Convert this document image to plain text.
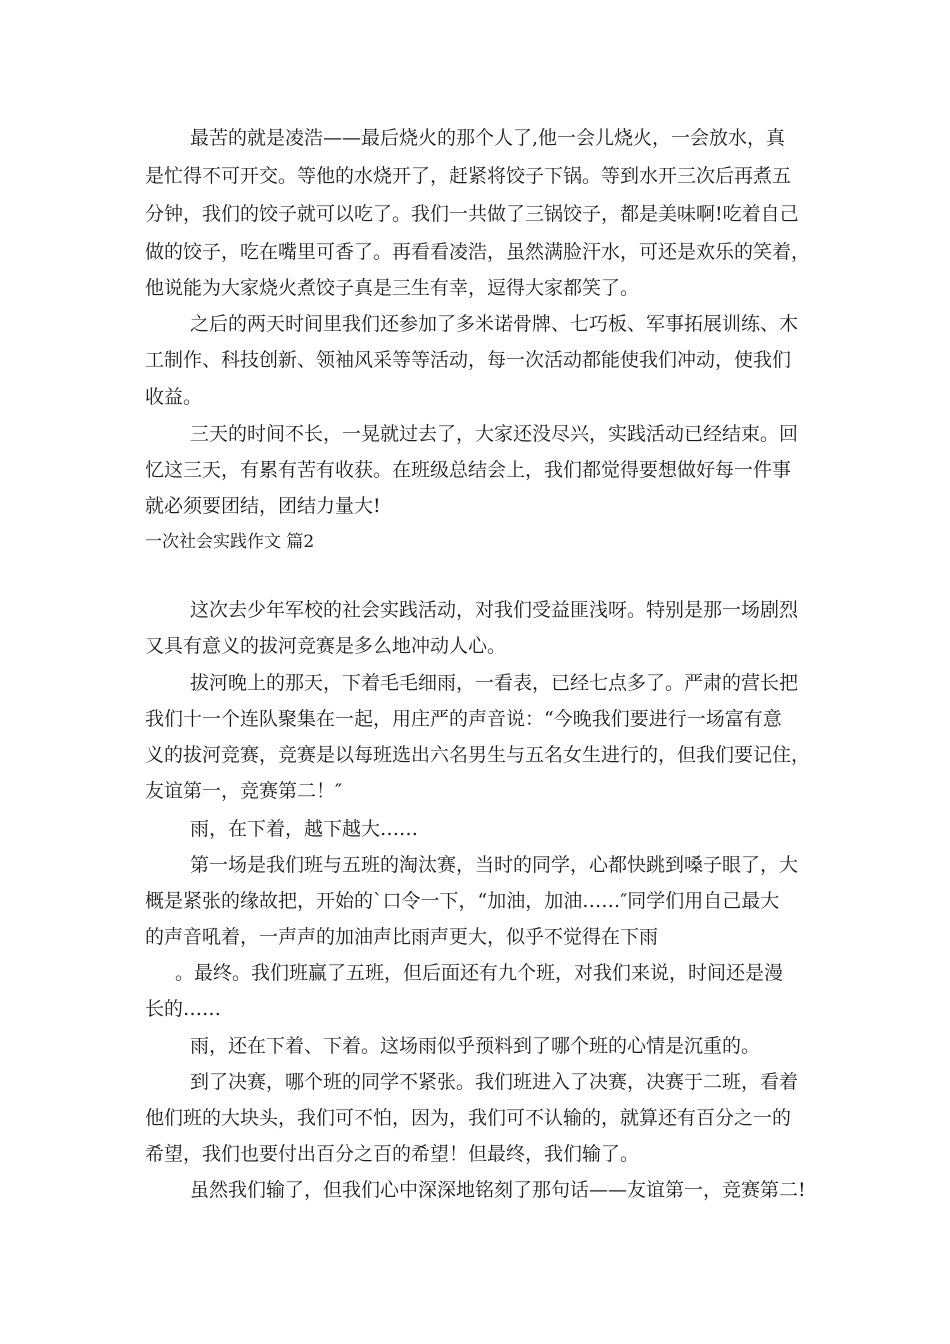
最苦的就是凌浩——最后烧火的那个人了,他一会儿烧火，一会放水，真
是忙得不可开交。等他的水烧开了，赶紧将饺子下锅。等到水开三次后再煮五
分钟，我们的饺子就可以吃了。我们一共做了三锅饺子，都是美味啊!吃着自己
做的饺子，吃在嘴里可香了。再看看凌浩，虽然满脸汗水，可还是欢乐的笑着，
他说能为大家烧火煮饺子真是三生有幸，逗得大家都笑了。
之后的两天时间里我们还参加了多米诺骨牌、七巧板、军事拓展训练、木
工制作、科技创新、领袖风采等等活动，每一次活动都能使我们冲动，使我们
收益。
三天的时间不长，一晃就过去了，大家还没尽兴，实践活动已经结束。回
忆这三天，有累有苦有收获。在班级总结会上，我们都觉得要想做好每一件事
就必须要团结，团结力量大!
一次社会实践作文 篇2
这次去少年军校的社会实践活动，对我们受益匪浅呀。特别是那一场剧烈
又具有意义的拔河竞赛是多么地冲动人心。
拔河晚上的那天，下着毛毛细雨，一看表，已经七点多了。严肃的营长把
我们十一个连队聚集在一起，用庄严的声音说：“今晚我们要进行一场富有意
义的拔河竞赛，竞赛是以每班选出六名男生与五名女生进行的，但我们要记住，
友谊第一，竞赛第二！″
雨，在下着，越下越大……
第一场是我们班与五班的淘汰赛，当时的同学，心都快跳到嗓子眼了，大
概是紧张的缘故把，开始的`口令一下，“加油，加油……″同学们用自己最大
的声音吼着，一声声的加油声比雨声更大，似乎不觉得在下雨
。最终。我们班赢了五班，但后面还有九个班，对我们来说，时间还是漫
长的……
雨，还在下着、下着。这场雨似乎预料到了哪个班的心情是沉重的。
到了决赛，哪个班的同学不紧张。我们班进入了决赛，决赛于二班，看着
他们班的大块头，我们可不怕，因为，我们可不认输的，就算还有百分之一的
希望，我们也要付出百分之百的希望！但最终，我们输了。
虽然我们输了，但我们心中深深地铭刻了那句话——友谊第一，竞赛第二!
